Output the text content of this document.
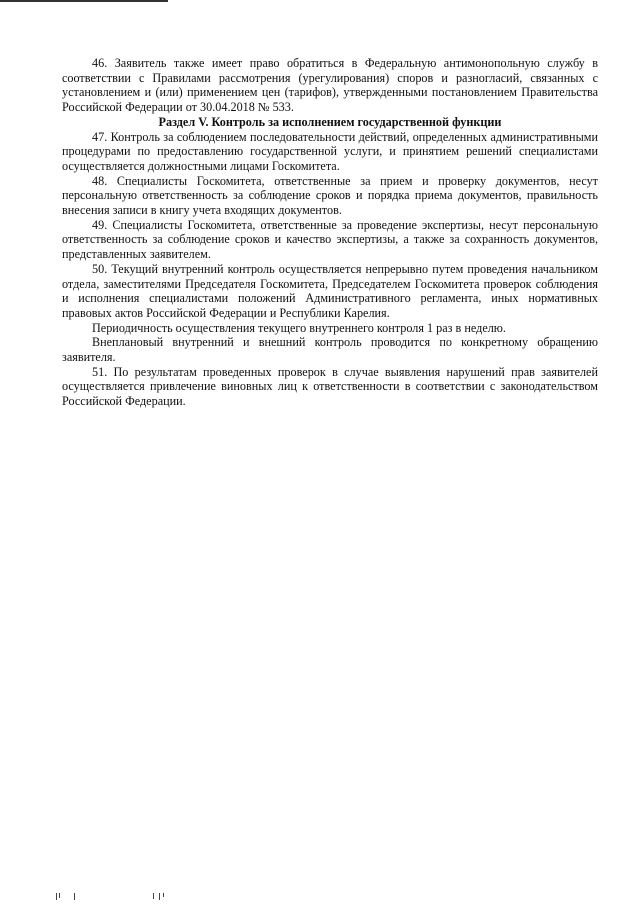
46. Заявитель также имеет право обратиться в Федеральную антимонопольную службу в соответствии с Правилами рассмотрения (урегулирования) споров и разногласий, связанных с установлением и (или) применением цен (тарифов), утвержденными постановлением Правительства Российской Федерации от 30.04.2018 № 533.

Раздел V. Контроль за исполнением государственной функции

47. Контроль за соблюдением последовательности действий, определенных административными процедурами по предоставлению государственной услуги, и принятием решений специалистами осуществляется должностными лицами Госкомитета.

48. Специалисты Госкомитета, ответственные за прием и проверку документов, несут персональную ответственность за соблюдение сроков и порядка приема документов, правильность внесения записи в книгу учета входящих документов.

49. Специалисты Госкомитета, ответственные за проведение экспертизы, несут персональную ответственность за соблюдение сроков и качество экспертизы, а также за сохранность документов, представленных заявителем.

50. Текущий внутренний контроль осуществляется непрерывно путем проведения начальником отдела, заместителями Председателя Госкомитета, Председателем Госкомитета проверок соблюдения и исполнения специалистами положений Административного регламента, иных нормативных правовых актов Российской Федерации и Республики Карелия.

Периодичность осуществления текущего внутреннего контроля 1 раз в неделю.

Внеплановый внутренний и внешний контроль проводится по конкретному обращению заявителя.

51. По результатам проведенных проверок в случае выявления нарушений прав заявителей осуществляется привлечение виновных лиц к ответственности в соответствии с законодательством Российской Федерации.
